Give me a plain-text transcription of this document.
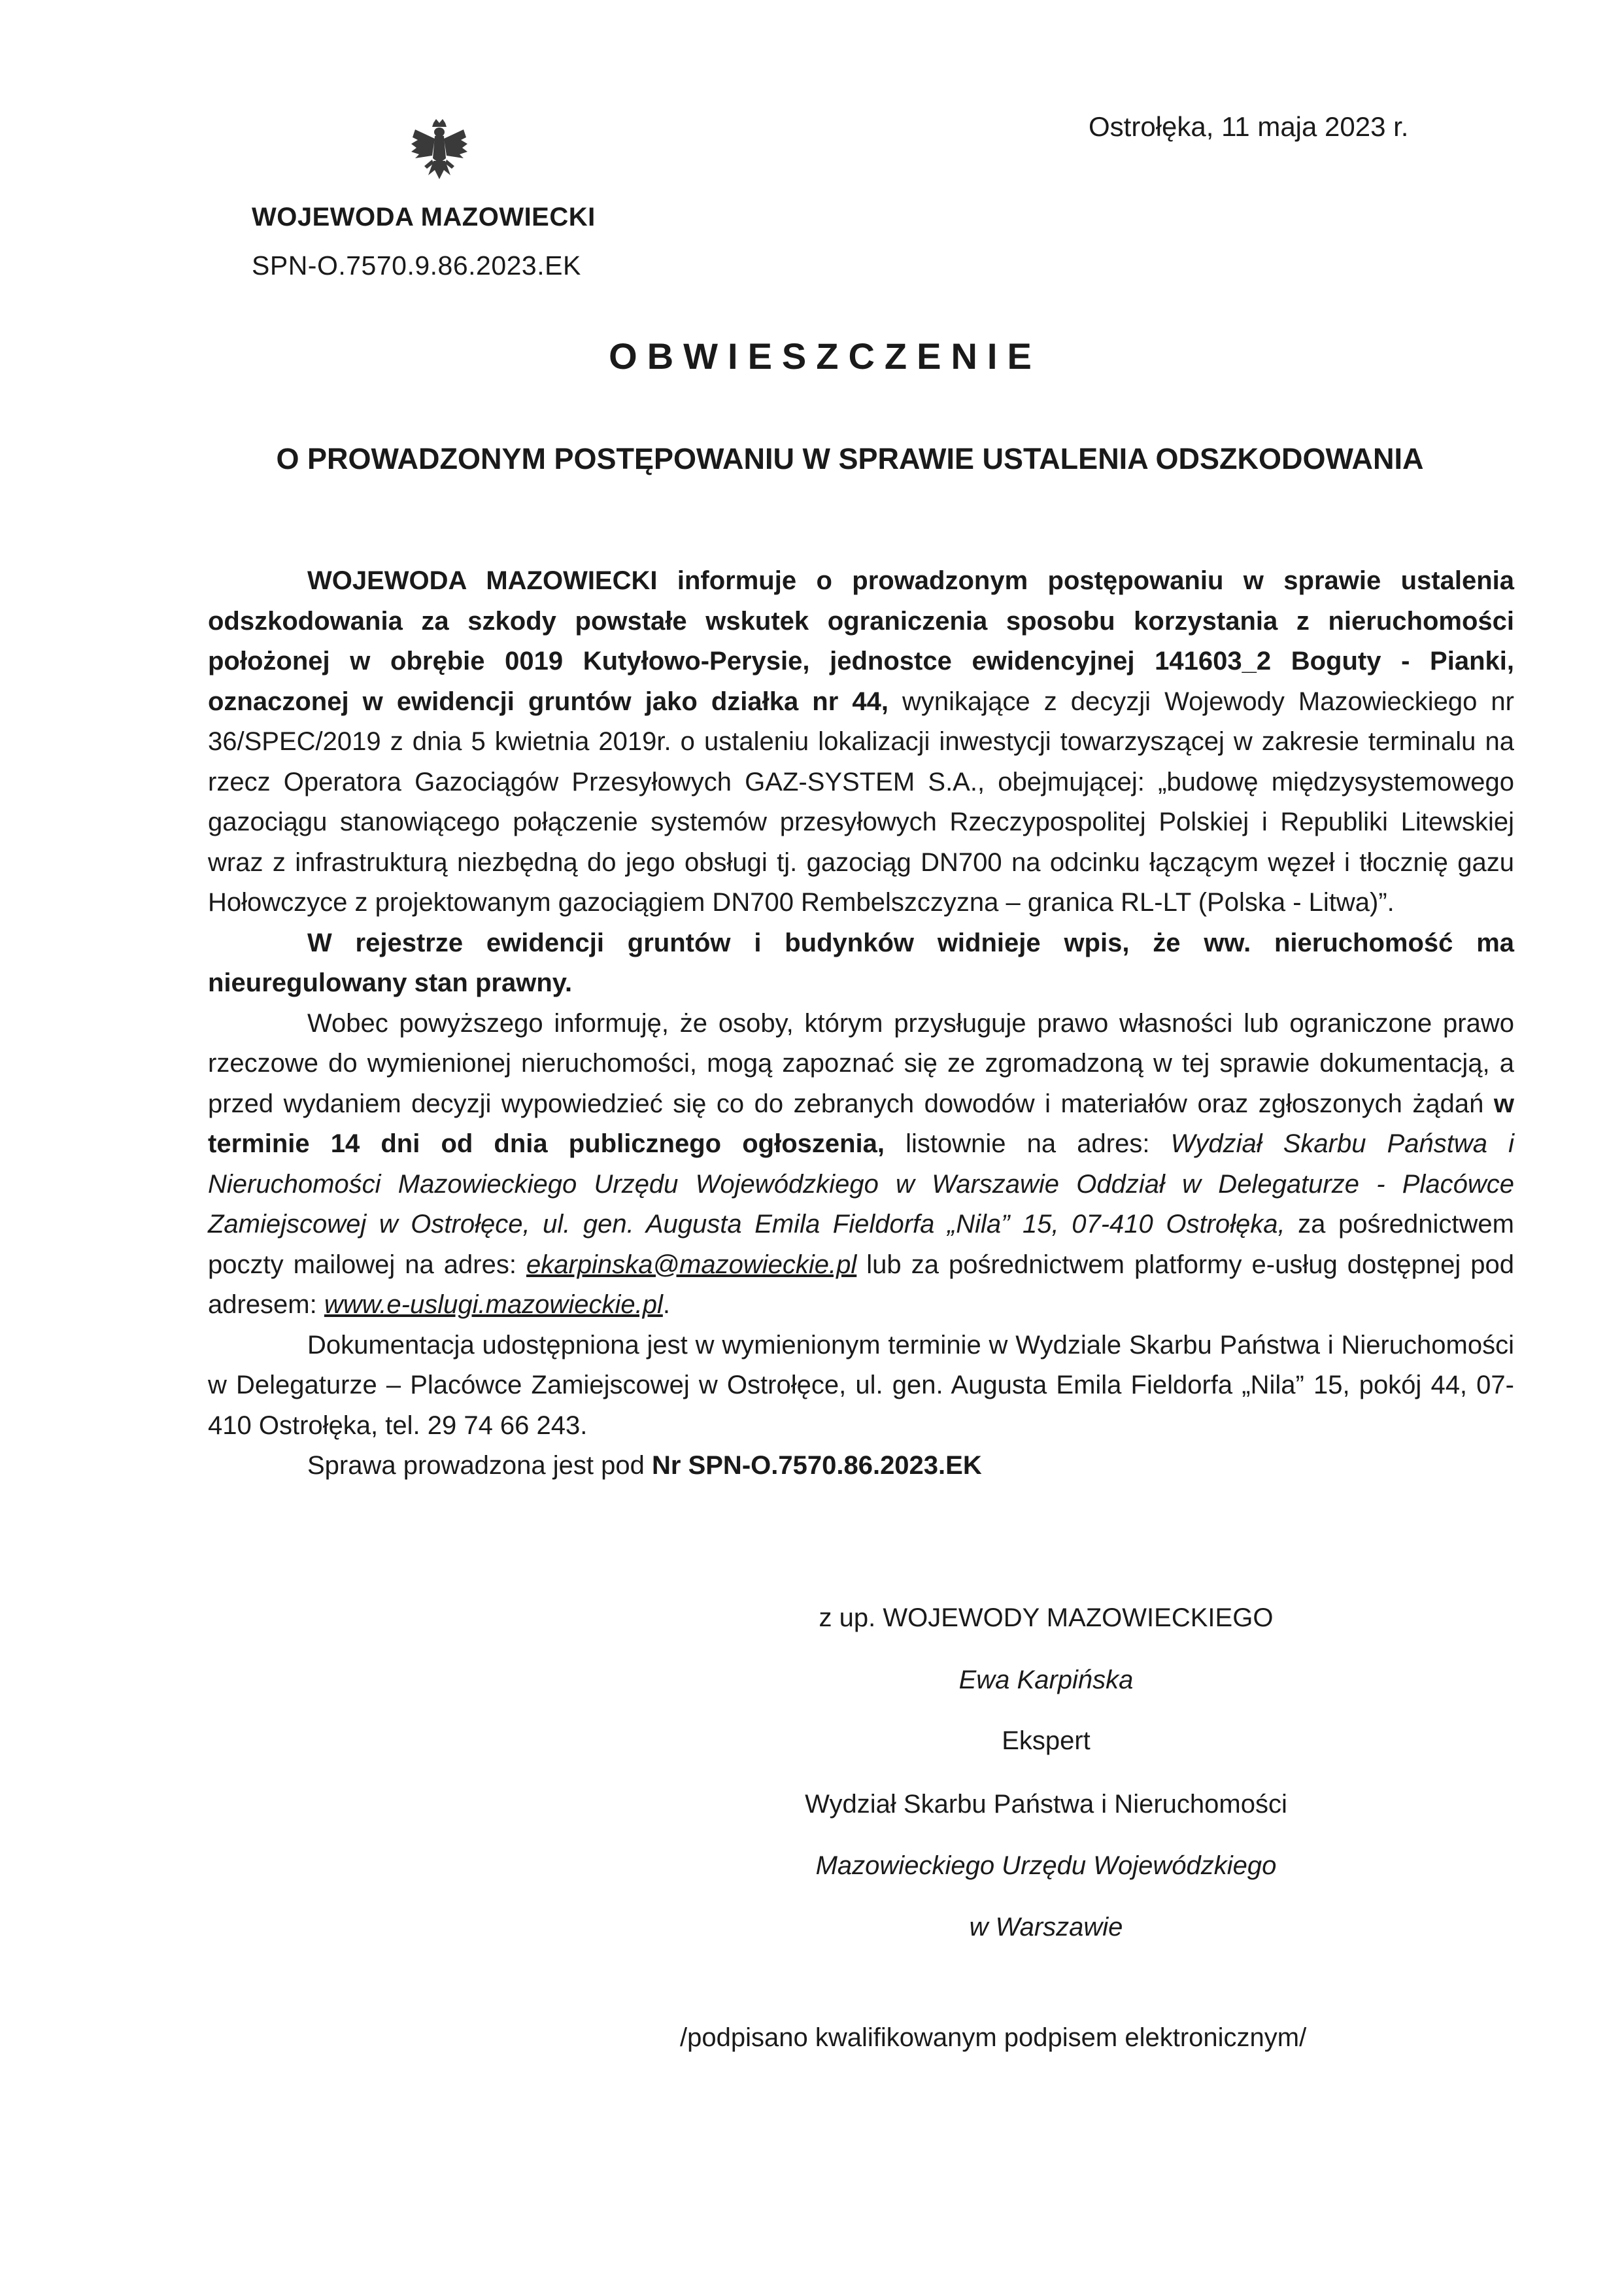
Ostrołęka, 11 maja 2023 r.
WOJEWODA MAZOWIECKI
SPN-O.7570.9.86.2023.EK
OBWIESZCZENIE
O PROWADZONYM POSTĘPOWANIU W SPRAWIE USTALENIA ODSZKODOWANIA

WOJEWODA MAZOWIECKI informuje o prowadzonym postępowaniu w sprawie ustalenia odszkodowania za szkody powstałe wskutek ograniczenia sposobu korzystania z nieruchomości położonej w obrębie 0019 Kutyłowo-Perysie, jednostce ewidencyjnej 141603_2 Boguty - Pianki, oznaczonej w ewidencji gruntów jako działka nr 44, wynikające z decyzji Wojewody Mazowieckiego nr 36/SPEC/2019 z dnia 5 kwietnia 2019r. o ustaleniu lokalizacji inwestycji towarzyszącej w zakresie terminalu na rzecz Operatora Gazociągów Przesyłowych GAZ-SYSTEM S.A., obejmującej: „budowę międzysystemowego gazociągu stanowiącego połączenie systemów przesyłowych Rzeczypospolitej Polskiej i Republiki Litewskiej wraz z infrastrukturą niezbędną do jego obsługi tj. gazociąg DN700 na odcinku łączącym węzeł i tłocznię gazu Hołowczyce z projektowanym gazociągiem DN700 Rembelszczyzna – granica RL-LT (Polska - Litwa)”.

W rejestrze ewidencji gruntów i budynków widnieje wpis, że ww. nieruchomość ma nieuregulowany stan prawny.

Wobec powyższego informuję, że osoby, którym przysługuje prawo własności lub ograniczone prawo rzeczowe do wymienionej nieruchomości, mogą zapoznać się ze zgromadzoną w tej sprawie dokumentacją, a przed wydaniem decyzji wypowiedzieć się co do zebranych dowodów i materiałów oraz zgłoszonych żądań w terminie 14 dni od dnia publicznego ogłoszenia, listownie na adres: Wydział Skarbu Państwa i Nieruchomości Mazowieckiego Urzędu Wojewódzkiego w Warszawie Oddział w Delegaturze - Placówce Zamiejscowej w Ostrołęce, ul. gen. Augusta Emila Fieldorfa „Nila” 15, 07-410 Ostrołęka, za pośrednictwem poczty mailowej na adres: ekarpinska@mazowieckie.pl lub za pośrednictwem platformy e-usług dostępnej pod adresem: www.e-uslugi.mazowieckie.pl.

Dokumentacja udostępniona jest w wymienionym terminie w Wydziale Skarbu Państwa i Nieruchomości w Delegaturze – Placówce Zamiejscowej w Ostrołęce, ul. gen. Augusta Emila Fieldorfa „Nila” 15, pokój 44, 07-410 Ostrołęka, tel. 29 74 66 243.

Sprawa prowadzona jest pod Nr SPN-O.7570.86.2023.EK

z up. WOJEWODY MAZOWIECKIEGO
Ewa Karpińska
Ekspert
Wydział Skarbu Państwa i Nieruchomości
Mazowieckiego Urzędu Wojewódzkiego
w Warszawie
/podpisano kwalifikowanym podpisem elektronicznym/
